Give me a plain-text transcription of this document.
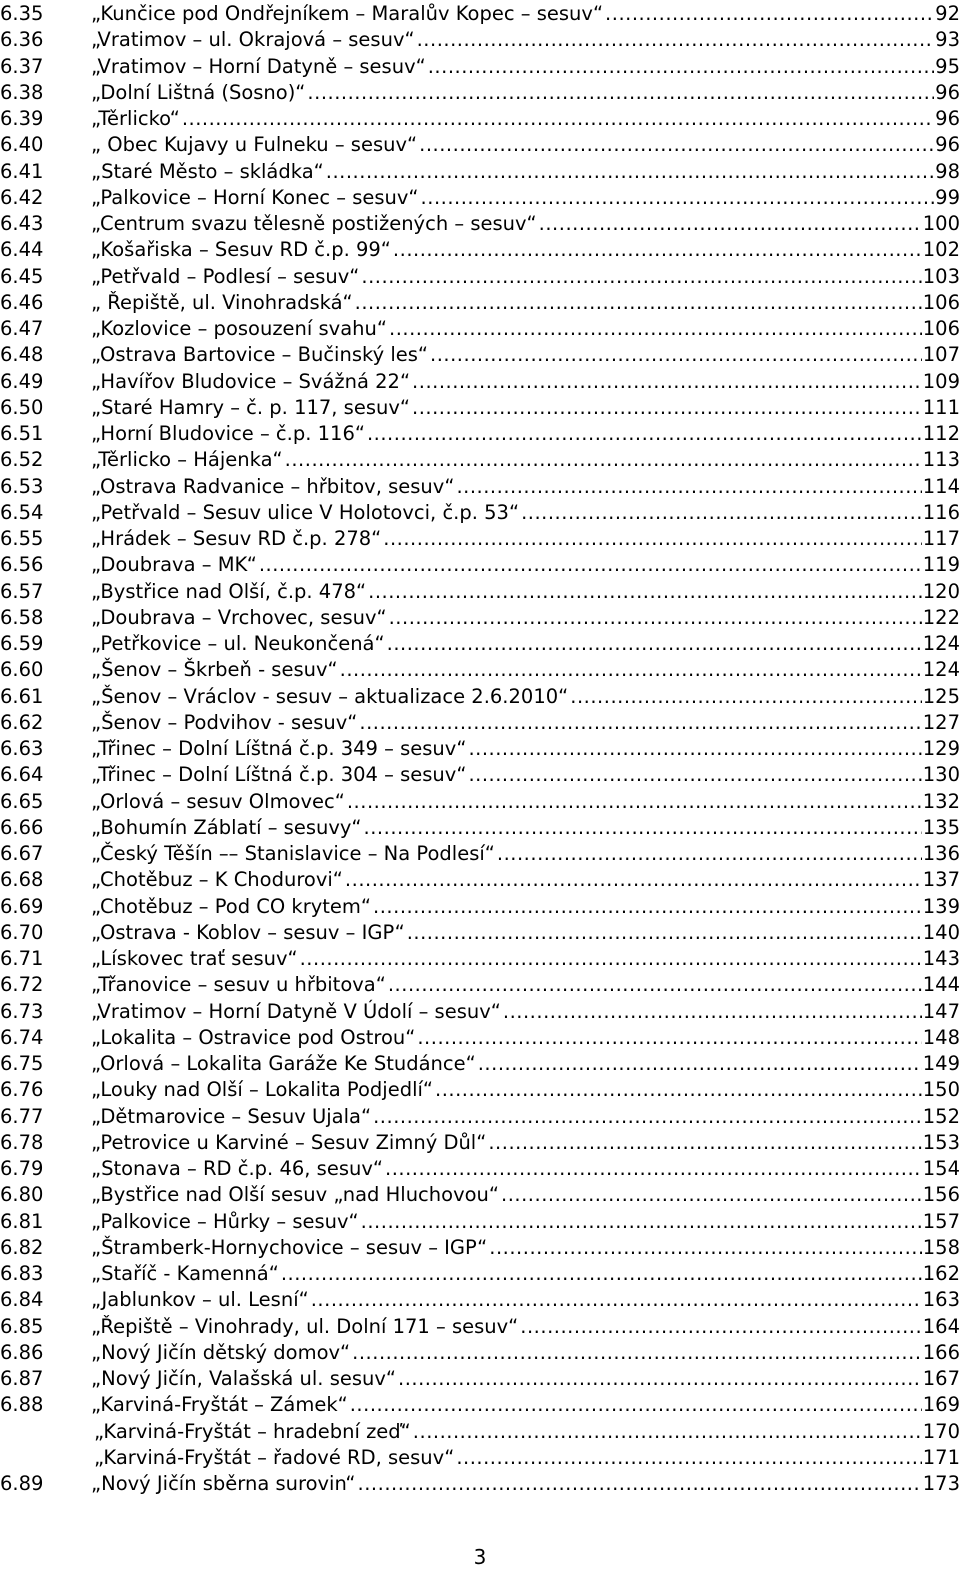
6.35 „Kunčice pod Ondřejníkem – Maralův Kopec – sesuv“ .....	92
6.36 „Vratimov – ul. Okrajová – sesuv“ .....	93
6.37 „Vratimov – Horní Datyně – sesuv“ .....	95
6.38 „Dolní Lištná (Sosno)“ .....	96
6.39 „Těrlicko“ .....	96
6.40 „ Obec Kujavy u Fulneku – sesuv“ .....	96
6.41 „Staré Město – skládka“ .....	98
6.42 „Palkovice – Horní Konec – sesuv“ .....	99
6.43 „Centrum svazu tělesně postižených – sesuv“ .....	100
6.44 „Košařiska – Sesuv RD č.p. 99“ .....	102
6.45 „Petřvald – Podlesí – sesuv“ .....	103
6.46 „ Řepiště, ul. Vinohradská“ .....	106
6.47 „Kozlovice – posouzení svahu“ .....	106
6.48 „Ostrava Bartovice – Bučinský les“ .....	107
6.49 „Havířov Bludovice – Svážná 22“ .....	109
6.50 „Staré Hamry – č. p. 117, sesuv“ .....	111
6.51 „Horní Bludovice – č.p. 116“ .....	112
6.52 „Těrlicko – Hájenka“ .....	113
6.53 „Ostrava Radvanice – hřbitov, sesuv“ .....	114
6.54 „Petřvald – Sesuv ulice V Holotovci, č.p. 53“ .....	116
6.55 „Hrádek – Sesuv RD č.p. 278“ .....	117
6.56 „Doubrava – MK“ .....	119
6.57 „Bystřice nad Olší, č.p. 478“ .....	120
6.58 „Doubrava – Vrchovec, sesuv“ .....	122
6.59 „Petřkovice – ul. Neukončená“ .....	124
6.60 „Šenov – Škrbeň - sesuv“ .....	124
6.61 „Šenov – Vráclov - sesuv – aktualizace 2.6.2010“ .....	125
6.62 „Šenov – Podvihov - sesuv“ .....	127
6.63 „Třinec – Dolní Líštná č.p. 349 – sesuv“ .....	129
6.64 „Třinec – Dolní Líštná č.p. 304 – sesuv“ .....	130
6.65 „Orlová – sesuv Olmovec“ .....	132
6.66 „Bohumín Záblatí – sesuvy“ .....	135
6.67 „Český Těšín –– Stanislavice – Na Podlesí“ .....	136
6.68 „Chotěbuz – K Chodurovi“ .....	137
6.69 „Chotěbuz – Pod CO krytem“ .....	139
6.70 „Ostrava - Koblov – sesuv – IGP“ .....	140
6.71 „Lískovec trať sesuv“ .....	143
6.72 „Třanovice – sesuv u hřbitova“ .....	144
6.73 „Vratimov – Horní Datyně V Údolí – sesuv“ .....	147
6.74 „Lokalita – Ostravice pod Ostrou“ .....	148
6.75 „Orlová – Lokalita Garáže Ke Studánce“ .....	149
6.76 „Louky nad Olší – Lokalita Podjedlí“ .....	150
6.77 „Dětmarovice – Sesuv Ujala“ .....	152
6.78 „Petrovice u Karviné – Sesuv Zimný Důl“ .....	153
6.79 „Stonava – RD č.p. 46, sesuv“ .....	154
6.80 „Bystřice nad Olší sesuv „nad Hluchovou“ .....	156
6.81 „Palkovice – Hůrky – sesuv“ .....	157
6.82 „Štramberk-Hornychovice – sesuv – IGP“ .....	158
6.83 „Staříč - Kamenná“ .....	162
6.84 „Jablunkov – ul. Lesní“ .....	163
6.85 „Řepiště – Vinohrady, ul. Dolní 171 – sesuv“ .....	164
6.86 „Nový Jičín dětský domov“ .....	166
6.87 „Nový Jičín, Valašská ul. sesuv“ .....	167
6.88 „Karviná-Fryštát – Zámek“ .....	169
„Karviná-Fryštát – hradební zeď“ .....	170
„Karviná-Fryštát – řadové RD, sesuv“ .....	171
6.89 „Nový Jičín sběrna surovin“ .....	173
3
